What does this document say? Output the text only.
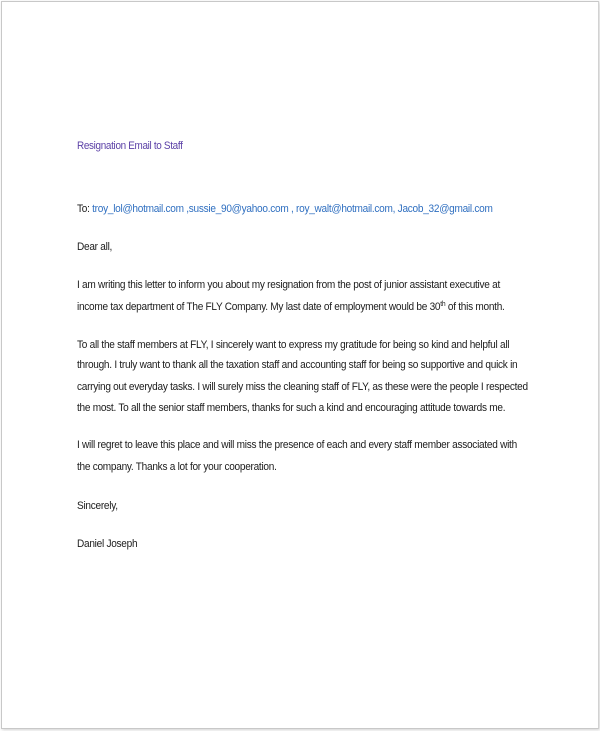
Resignation Email to Staff
To: troy_lol@hotmail.com ,sussie_90@yahoo.com , roy_walt@hotmail.com, Jacob_32@gmail.com
Dear all,
I am writing this letter to inform you about my resignation from the post of junior assistant executive at
income tax department of The FLY Company. My last date of employment would be 30th of this month.
To all the staff members at FLY, I sincerely want to express my gratitude for being so kind and helpful all
through. I truly want to thank all the taxation staff and accounting staff for being so supportive and quick in
carrying out everyday tasks. I will surely miss the cleaning staff of FLY, as these were the people I respected
the most. To all the senior staff members, thanks for such a kind and encouraging attitude towards me.
I will regret to leave this place and will miss the presence of each and every staff member associated with
the company. Thanks a lot for your cooperation.
Sincerely,
Daniel Joseph
